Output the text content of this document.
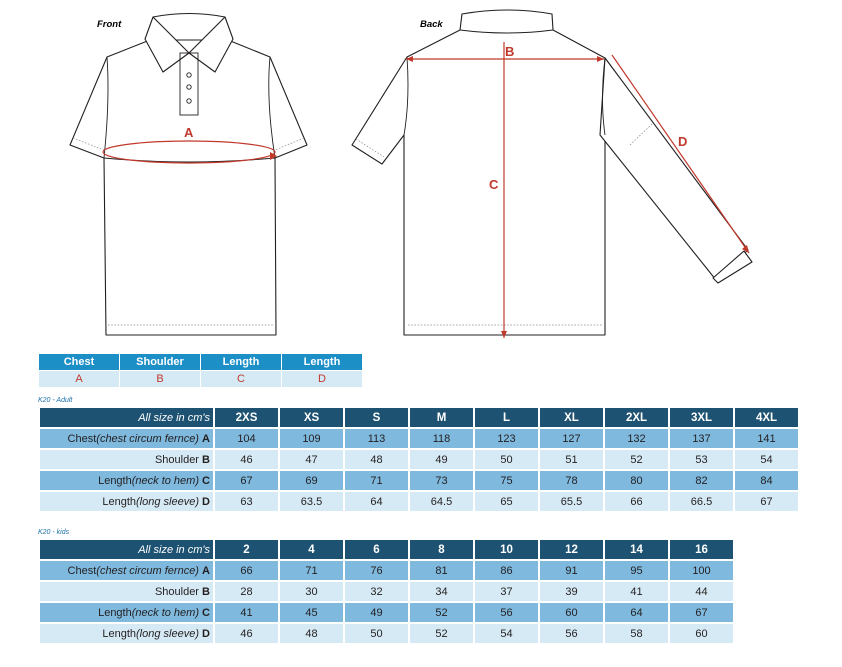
A
Front
B
C
D
Back
Chest	Shoulder	Length	Length
A	B	C	D
K20 - Adult
All size in cm's	2XS	XS	S	M	L	XL	2XL	3XL	4XL
Chest(chest circum fernce) A	104	109	113	118	123	127	132	137	141
Shoulder B	46	47	48	49	50	51	52	53	54
Length(neck to hem) C	67	69	71	73	75	78	80	82	84
Length(long sleeve) D	63	63.5	64	64.5	65	65.5	66	66.5	67
K20 - kids
All size in cm's	2	4	6	8	10	12	14	16
Chest(chest circum fernce) A	66	71	76	81	86	91	95	100
Shoulder B	28	30	32	34	37	39	41	44
Length(neck to hem) C	41	45	49	52	56	60	64	67
Length(long sleeve) D	46	48	50	52	54	56	58	60
